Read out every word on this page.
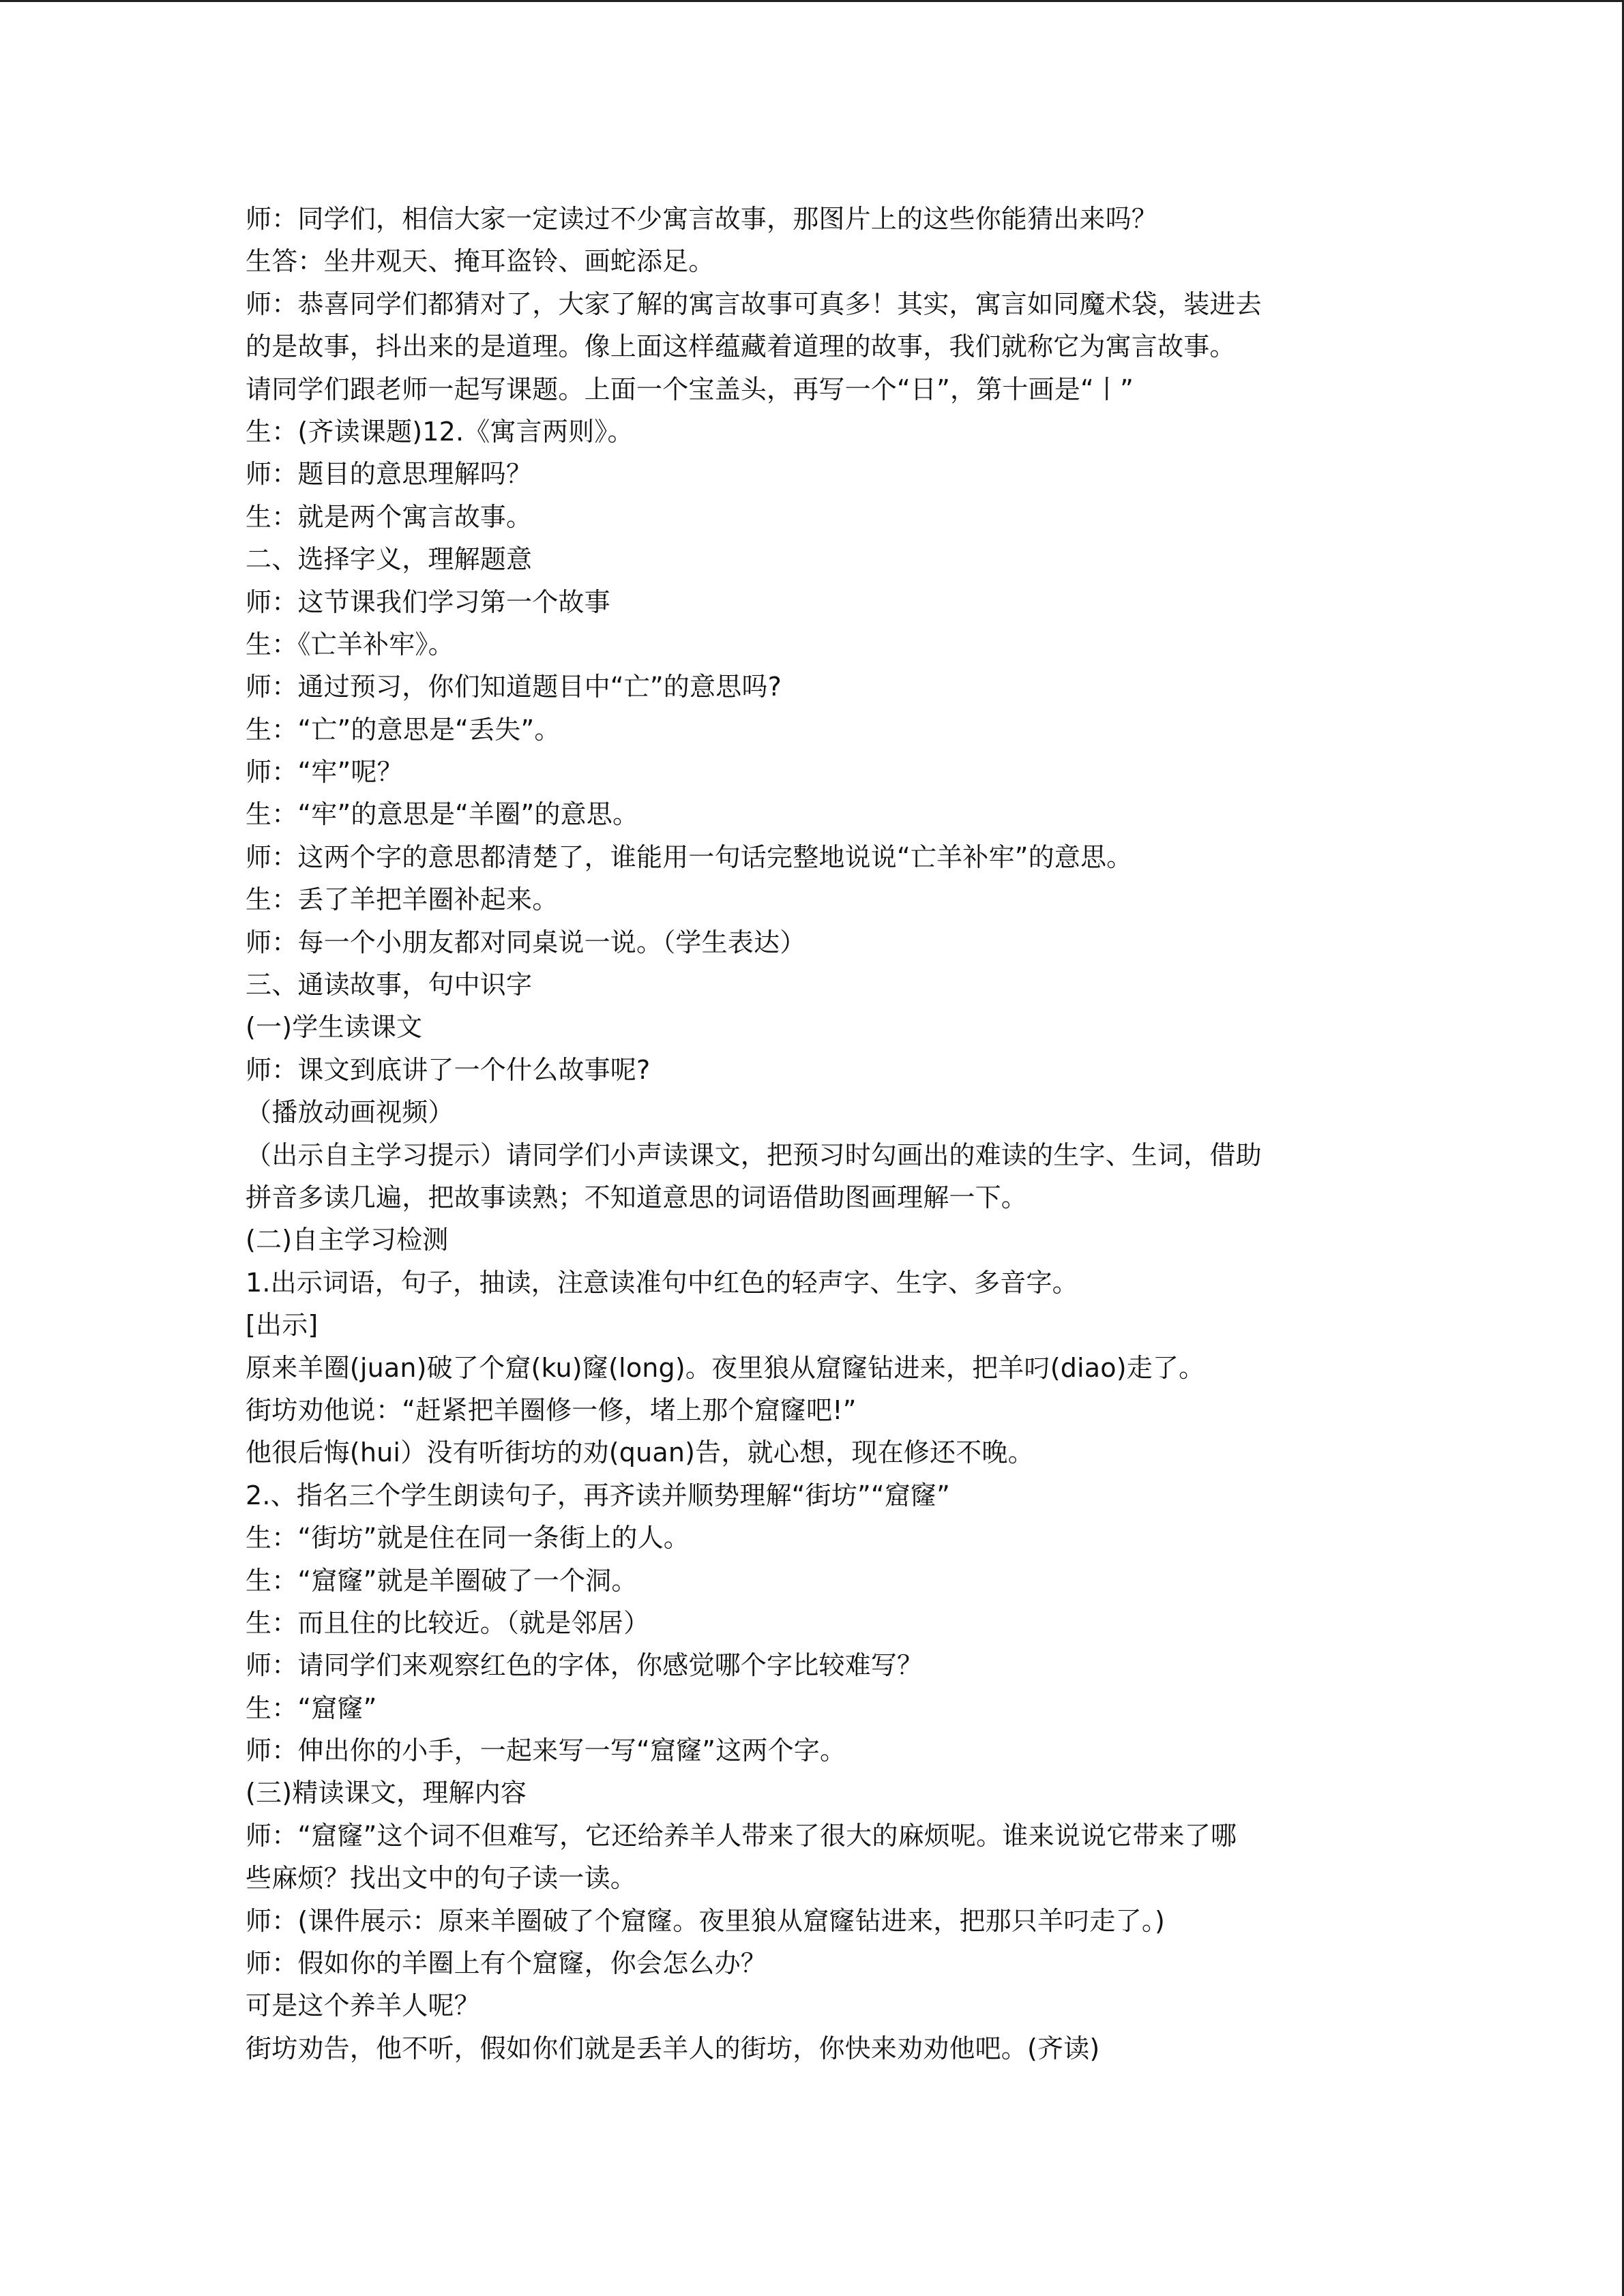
师：同学们，相信大家一定读过不少寓言故事，那图片上的这些你能猜出来吗？
生答：坐井观天、掩耳盗铃、画蛇添足。
师：恭喜同学们都猜对了，大家了解的寓言故事可真多！其实，寓言如同魔术袋，装进去
的是故事，抖出来的是道理。像上面这样蕴藏着道理的故事，我们就称它为寓言故事。
请同学们跟老师一起写课题。上面一个宝盖头，再写一个“日”，第十画是“丨”
生：(齐读课题)12.《寓言两则》。
师：题目的意思理解吗？
生：就是两个寓言故事。
二、选择字义，理解题意
师：这节课我们学习第一个故事
生：《亡羊补牢》。
师：通过预习，你们知道题目中“亡”的意思吗?
生：“亡”的意思是“丢失”。
师：“牢”呢？
生：“牢”的意思是“羊圈”的意思。
师：这两个字的意思都清楚了，谁能用一句话完整地说说“亡羊补牢”的意思。
生：丢了羊把羊圈补起来。
师：每一个小朋友都对同桌说一说。（学生表达）
三、通读故事，句中识字
(一)学生读课文
师：课文到底讲了一个什么故事呢?
（播放动画视频）
（出示自主学习提示）请同学们小声读课文，把预习时勾画出的难读的生字、生词，借助
拼音多读几遍，把故事读熟；不知道意思的词语借助图画理解一下。
(二)自主学习检测
1.出示词语，句子，抽读，注意读准句中红色的轻声字、生字、多音字。
[出示]
原来羊圈(juan)破了个窟(ku)窿(long)。夜里狼从窟窿钻进来，把羊叼(diao)走了。
街坊劝他说：“赶紧把羊圈修一修，堵上那个窟窿吧!”
他很后悔(hui）没有听街坊的劝(quan)告，就心想，现在修还不晚。
2.、指名三个学生朗读句子，再齐读并顺势理解“街坊”“窟窿”
生：“街坊”就是住在同一条街上的人。
生：“窟窿”就是羊圈破了一个洞。
生：而且住的比较近。（就是邻居）
师：请同学们来观察红色的字体，你感觉哪个字比较难写？
生：“窟窿”
师：伸出你的小手，一起来写一写“窟窿”这两个字。
(三)精读课文，理解内容
师：“窟窿”这个词不但难写，它还给养羊人带来了很大的麻烦呢。谁来说说它带来了哪
些麻烦？找出文中的句子读一读。
师：(课件展示：原来羊圈破了个窟窿。夜里狼从窟窿钻进来，把那只羊叼走了。)
师：假如你的羊圈上有个窟窿，你会怎么办？
可是这个养羊人呢？
街坊劝告，他不听，假如你们就是丢羊人的街坊，你快来劝劝他吧。(齐读)
